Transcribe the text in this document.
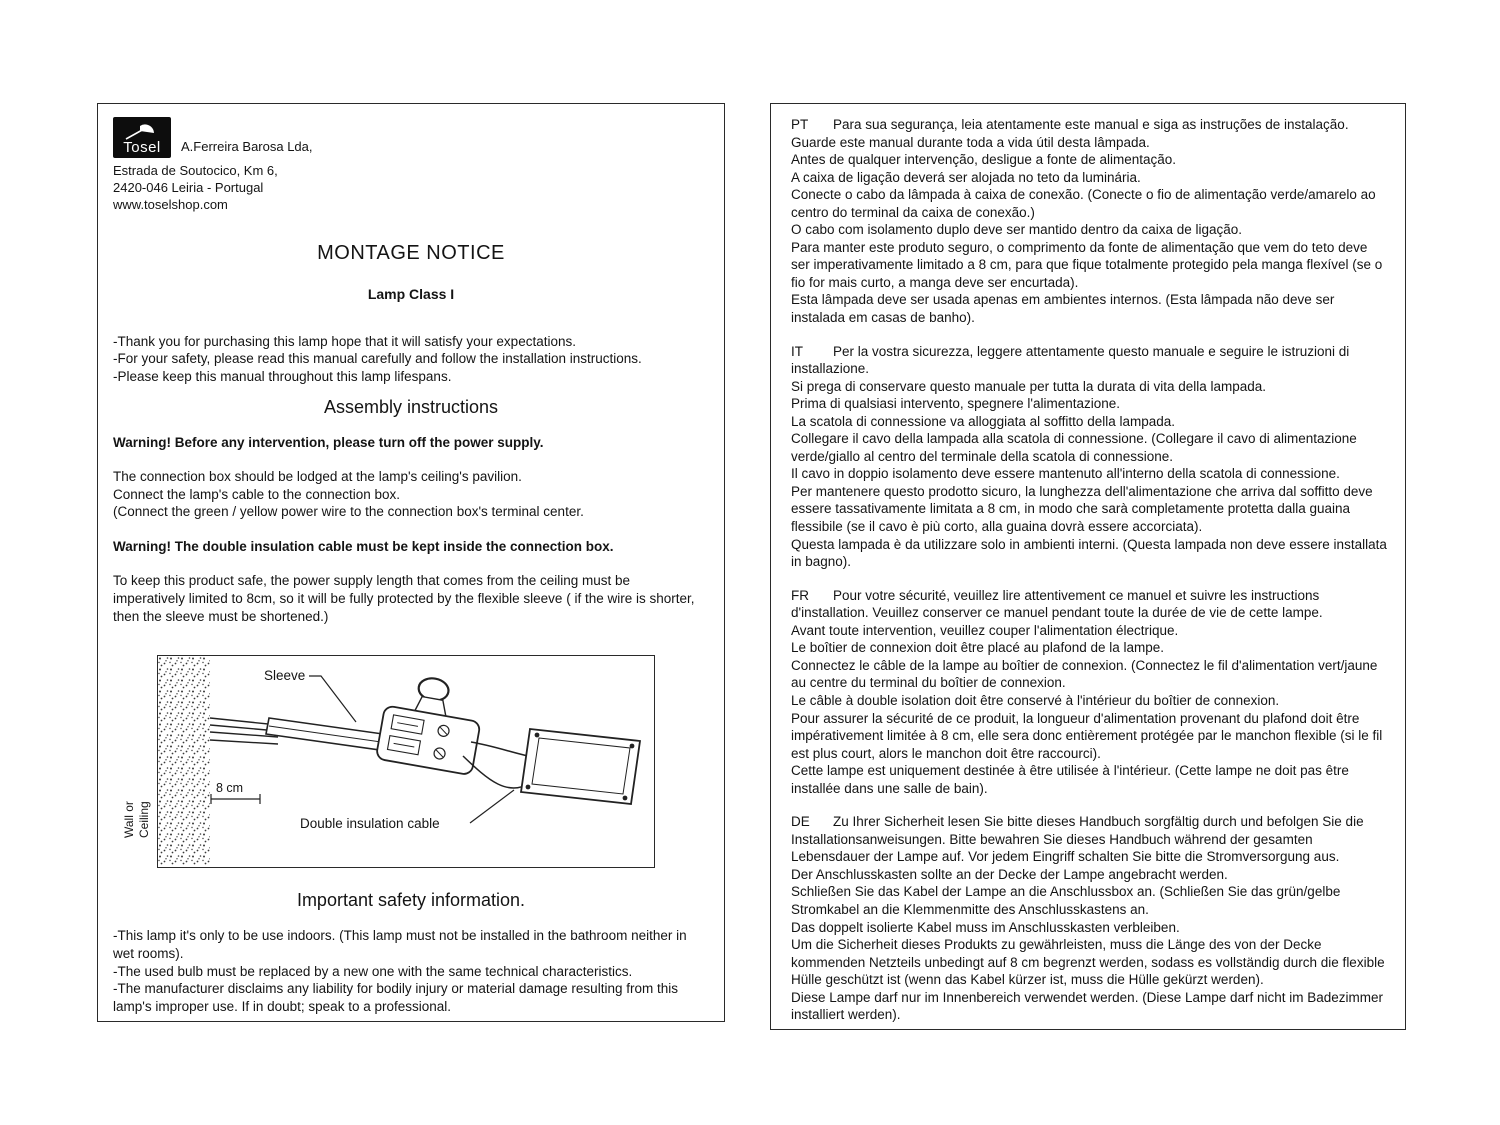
Tosel A.Ferreira Barosa Lda,
Estrada de Soutocico, Km 6,
2420-046 Leiria - Portugal
www.toselshop.com
MONTAGE NOTICE
Lamp Class I

-Thank you for purchasing this lamp hope that it will satisfy your expectations.

-For your safety, please read this manual carefully and follow the installation instructions.

-Please keep this manual throughout this lamp lifespans.

Assembly instructions

Warning! Before any intervention, please turn off the power supply.

The connection box should be lodged at the lamp's ceiling's pavilion.

Connect the lamp's cable to the connection box.

(Connect the green / yellow power wire to the connection box's terminal center.

Warning! The double insulation cable must be kept inside the connection box.

To keep this product safe, the power supply length that comes from the ceiling must be imperatively limited to 8cm, so it will be fully protected by the flexible sleeve ( if the wire is shorter, then the sleeve must be shortened.)

Wall or Ceiling
Sleeve
8 cm
Double insulation cable
Important safety information.

-This lamp it's only to be use indoors. (This lamp must not be installed in the bathroom neither in wet rooms).

-The used bulb must be replaced by a new one with the same technical characteristics.

-The manufacturer disclaims any liability for bodily injury or material damage resulting from this lamp's improper use. If in doubt; speak to a professional.

PT Para sua segurança, leia atentamente este manual e siga as instruções de instalação.

Guarde este manual durante toda a vida útil desta lâmpada.

Antes de qualquer intervenção, desligue a fonte de alimentação.

A caixa de ligação deverá ser alojada no teto da luminária.

Conecte o cabo da lâmpada à caixa de conexão. (Conecte o fio de alimentação verde/amarelo ao centro do terminal da caixa de conexão.)

O cabo com isolamento duplo deve ser mantido dentro da caixa de ligação.

Para manter este produto seguro, o comprimento da fonte de alimentação que vem do teto deve ser imperativamente limitado a 8 cm, para que fique totalmente protegido pela manga flexível (se o fio for mais curto, a manga deve ser encurtada).

Esta lâmpada deve ser usada apenas em ambientes internos. (Esta lâmpada não deve ser instalada em casas de banho).

IT Per la vostra sicurezza, leggere attentamente questo manuale e seguire le istruzioni di installazione.

Si prega di conservare questo manuale per tutta la durata di vita della lampada.

Prima di qualsiasi intervento, spegnere l'alimentazione.

La scatola di connessione va alloggiata al soffitto della lampada.

Collegare il cavo della lampada alla scatola di connessione. (Collegare il cavo di alimentazione verde/giallo al centro del terminale della scatola di connessione.

Il cavo in doppio isolamento deve essere mantenuto all'interno della scatola di connessione.

Per mantenere questo prodotto sicuro, la lunghezza dell'alimentazione che arriva dal soffitto deve essere tassativamente limitata a 8 cm, in modo che sarà completamente protetta dalla guaina flessibile (se il cavo è più corto, alla guaina dovrà essere accorciata).

Questa lampada è da utilizzare solo in ambienti interni. (Questa lampada non deve essere installata in bagno).

FR Pour votre sécurité, veuillez lire attentivement ce manuel et suivre les instructions d'installation. Veuillez conserver ce manuel pendant toute la durée de vie de cette lampe.

Avant toute intervention, veuillez couper l'alimentation électrique.

Le boîtier de connexion doit être placé au plafond de la lampe.

Connectez le câble de la lampe au boîtier de connexion. (Connectez le fil d'alimentation vert/jaune au centre du terminal du boîtier de connexion.

Le câble à double isolation doit être conservé à l'intérieur du boîtier de connexion.

Pour assurer la sécurité de ce produit, la longueur d'alimentation provenant du plafond doit être impérativement limitée à 8 cm, elle sera donc entièrement protégée par le manchon flexible (si le fil est plus court, alors le manchon doit être raccourci).

Cette lampe est uniquement destinée à être utilisée à l'intérieur. (Cette lampe ne doit pas être installée dans une salle de bain).

DE Zu Ihrer Sicherheit lesen Sie bitte dieses Handbuch sorgfältig durch und befolgen Sie die Installationsanweisungen. Bitte bewahren Sie dieses Handbuch während der gesamten Lebensdauer der Lampe auf. Vor jedem Eingriff schalten Sie bitte die Stromversorgung aus.

Der Anschlusskasten sollte an der Decke der Lampe angebracht werden.

Schließen Sie das Kabel der Lampe an die Anschlussbox an. (Schließen Sie das grün/gelbe Stromkabel an die Klemmenmitte des Anschlusskastens an.

Das doppelt isolierte Kabel muss im Anschlusskasten verbleiben.

Um die Sicherheit dieses Produkts zu gewährleisten, muss die Länge des von der Decke kommenden Netzteils unbedingt auf 8 cm begrenzt werden, sodass es vollständig durch die flexible Hülle geschützt ist (wenn das Kabel kürzer ist, muss die Hülle gekürzt werden).

Diese Lampe darf nur im Innenbereich verwendet werden. (Diese Lampe darf nicht im Badezimmer installiert werden).
